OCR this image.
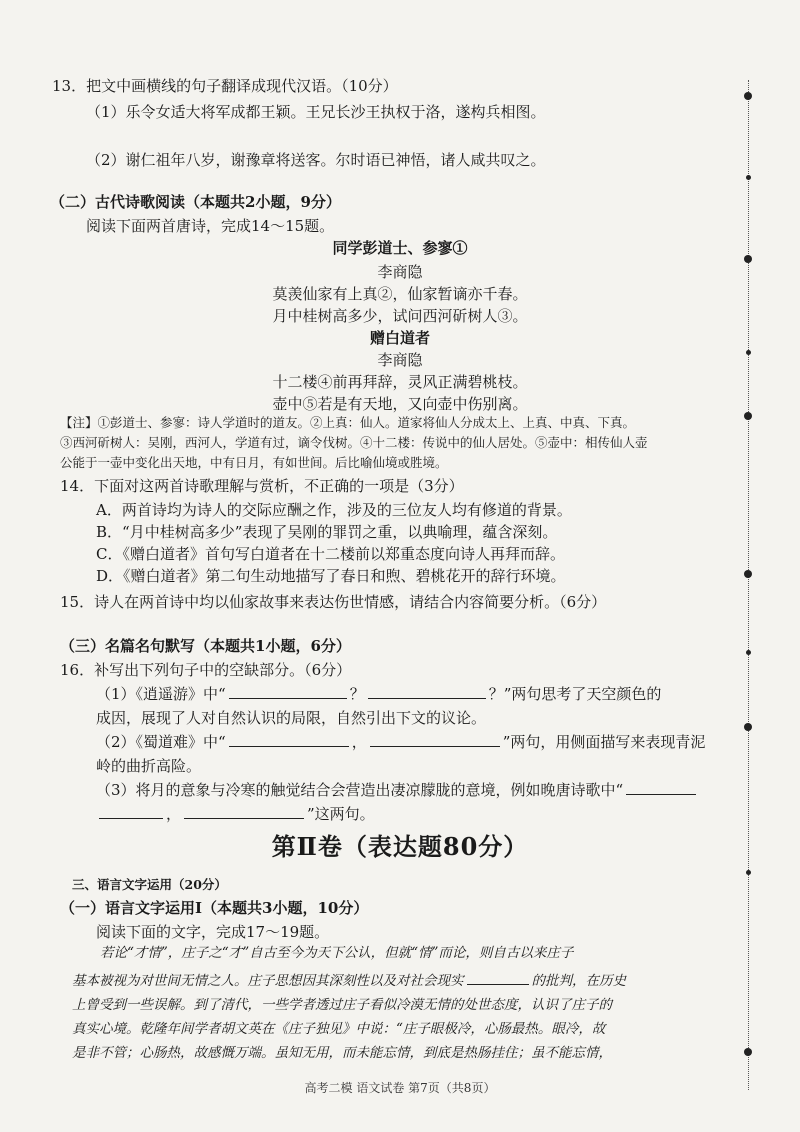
13．把文中画横线的句子翻译成现代汉语。（10分）
（1）乐令女适大将军成都王颖。王兄长沙王执权于洛，遂构兵相图。
（2）谢仁祖年八岁，谢豫章将送客。尔时语已神悟，诸人咸共叹之。
（二）古代诗歌阅读（本题共2小题，9分）
阅读下面两首唐诗，完成14～15题。
同学彭道士、参寥①
李商隐
莫羡仙家有上真②，仙家暂谪亦千春。
月中桂树高多少，试问西河斫树人③。
赠白道者
李商隐
十二楼④前再拜辞，灵风正满碧桃枝。
壶中⑤若是有天地，又向壶中伤别离。
【注】①彭道士、参寥：诗人学道时的道友。②上真：仙人。道家将仙人分成太上、上真、中真、下真。
③西河斫树人：吴刚，西河人，学道有过，谪令伐树。④十二楼：传说中的仙人居处。⑤壶中：相传仙人壶
公能于一壶中变化出天地，中有日月，有如世间。后比喻仙境或胜境。
14．下面对这两首诗歌理解与赏析，不正确的一项是（3分）
A．两首诗均为诗人的交际应酬之作，涉及的三位友人均有修道的背景。
B．“月中桂树高多少”表现了吴刚的罪罚之重，以典喻理，蕴含深刻。
C．《赠白道者》首句写白道者在十二楼前以郑重态度向诗人再拜而辞。
D．《赠白道者》第二句生动地描写了春日和煦、碧桃花开的辞行环境。
15．诗人在两首诗中均以仙家故事来表达伤世情感，请结合内容简要分析。（6分）
（三）名篇名句默写（本题共1小题，6分）
16．补写出下列句子中的空缺部分。（6分）
（1）《逍遥游》中“	？	？”两句思考了天空颜色的
成因，展现了人对自然认识的局限，自然引出下文的议论。
（2）《蜀道难》中“	，	”两句，用侧面描写来表现青泥
岭的曲折高险。
（3）将月的意象与冷寒的触觉结合会营造出凄凉朦胧的意境，例如晚唐诗歌中“
，	”这两句。
第Ⅱ卷（表达题80分）
三、语言文字运用（20分）
（一）语言文字运用Ⅰ（本题共3小题，10分）
阅读下面的文字，完成17～19题。
若论“才情”，庄子之“才”自古至今为天下公认，但就“情”而论，则自古以来庄子
基本被视为对世间无情之人。庄子思想因其深刻性以及对社会现实	的批判，在历史
上曾受到一些误解。到了清代，一些学者透过庄子看似冷漠无情的处世态度，认识了庄子的
真实心境。乾隆年间学者胡文英在《庄子独见》中说：“庄子眼极冷，心肠最热。眼冷，故
是非不管；心肠热，故感慨万端。虽知无用，而未能忘情，到底是热肠挂住；虽不能忘情，
高考二模 语文试卷 第7页（共8页）
